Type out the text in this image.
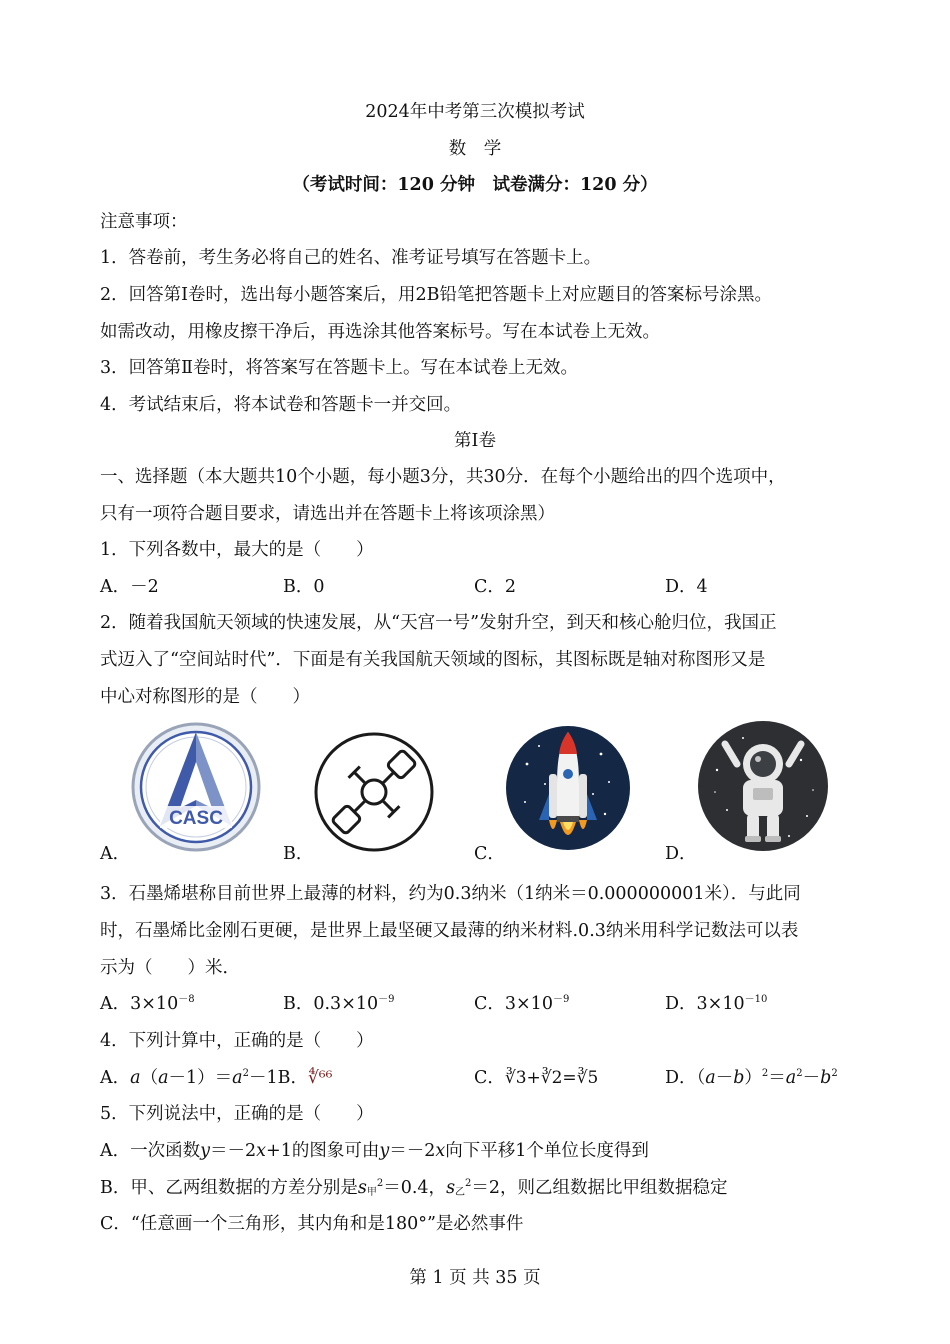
2024年中考第三次模拟考试
数　学
（考试时间：120 分钟　试卷满分：120 分）
注意事项：
1．答卷前，考生务必将自己的姓名、准考证号填写在答题卡上。
2．回答第Ⅰ卷时，选出每小题答案后，用2B铅笔把答题卡上对应题目的答案标号涂黑。
如需改动，用橡皮擦干净后，再选涂其他答案标号。写在本试卷上无效。
3．回答第Ⅱ卷时，将答案写在答题卡上。写在本试卷上无效。
4．考试结束后，将本试卷和答题卡一并交回。
第Ⅰ卷
一、选择题（本大题共10个小题，每小题3分，共30分．在每个小题给出的四个选项中，
只有一项符合题目要求，请选出并在答题卡上将该项涂黑）
1．下列各数中，最大的是（　　）
A．－2	B．0	C．2	D．4
2．随着我国航天领域的快速发展，从“天宫一号”发射升空，到天和核心舱归位，我国正
式迈入了“空间站时代”．下面是有关我国航天领域的图标，其图标既是轴对称图形又是
中心对称图形的是（　　）
CASC
A．	B．	C．	D．
3．石墨烯堪称目前世界上最薄的材料，约为0.3纳米（1纳米＝0.000000001米）．与此同
时，石墨烯比金刚石更硬，是世界上最坚硬又最薄的纳米材料.0.3纳米用科学记数法可以表
示为（　　）米．
A．$3\times 10^{-8}$	B．$0.3\times 10^{-9}$	C．$3\times 10^{-9}$	D．$3\times 10^{-10}$
4．下列计算中，正确的是（　　）
A．$a(a-1)=a^2-1B$．∜⁶⁶	C．∛3+∛2=∛5	D．$(a-b)^2=a^2-b^2$
5．下列说法中，正确的是（　　）
A．一次函数y＝－2x+1的图象可由y＝－2x向下平移1个单位长度得到
B．甲、乙两组数据的方差分别是$s_甲^2=0.4$，$s_乙^2=2$，则乙组数据比甲组数据稳定
C．“任意画一个三角形，其内角和是180°”是必然事件
第 1 页 共 35 页
